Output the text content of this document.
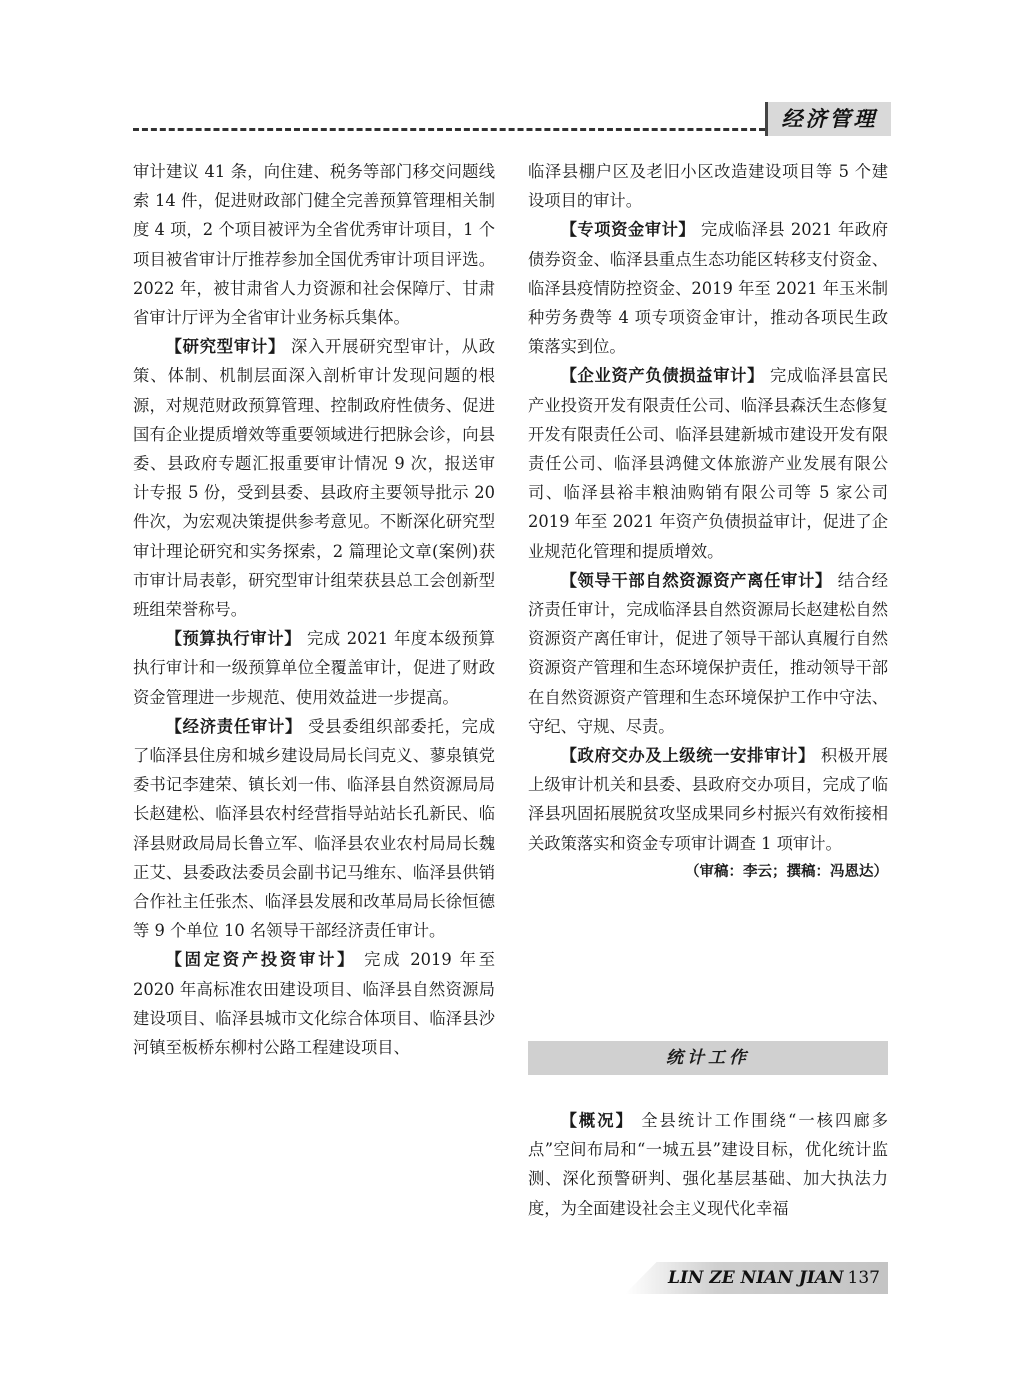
经济管理

审计建议 41 条，向住建、税务等部门移交问题线索 14 件，促进财政部门健全完善预算管理相关制度 4 项，2 个项目被评为全省优秀审计项目，1 个项目被省审计厅推荐参加全国优秀审计项目评选。2022 年，被甘肃省人力资源和社会保障厅、甘肃省审计厅评为全省审计业务标兵集体。

【研究型审计】 深入开展研究型审计，从政策、体制、机制层面深入剖析审计发现问题的根源，对规范财政预算管理、控制政府性债务、促进国有企业提质增效等重要领域进行把脉会诊，向县委、县政府专题汇报重要审计情况 9 次，报送审计专报 5 份，受到县委、县政府主要领导批示 20 件次，为宏观决策提供参考意见。不断深化研究型审计理论研究和实务探索，2 篇理论文章(案例)获市审计局表彰，研究型审计组荣获县总工会创新型班组荣誉称号。

【预算执行审计】 完成 2021 年度本级预算执行审计和一级预算单位全覆盖审计，促进了财政资金管理进一步规范、使用效益进一步提高。

【经济责任审计】 受县委组织部委托，完成了临泽县住房和城乡建设局局长闫克义、蓼泉镇党委书记李建荣、镇长刘一伟、临泽县自然资源局局长赵建松、临泽县农村经营指导站站长孔新民、临泽县财政局局长鲁立军、临泽县农业农村局局长魏正艾、县委政法委员会副书记马维东、临泽县供销合作社主任张杰、临泽县发展和改革局局长徐恒德等 9 个单位 10 名领导干部经济责任审计。

【固定资产投资审计】 完成 2019 年至 2020 年高标准农田建设项目、临泽县自然资源局建设项目、临泽县城市文化综合体项目、临泽县沙河镇至板桥东柳村公路工程建设项目、

临泽县棚户区及老旧小区改造建设项目等 5 个建设项目的审计。

【专项资金审计】 完成临泽县 2021 年政府债券资金、临泽县重点生态功能区转移支付资金、临泽县疫情防控资金、2019 年至 2021 年玉米制种劳务费等 4 项专项资金审计，推动各项民生政策落实到位。

【企业资产负债损益审计】 完成临泽县富民产业投资开发有限责任公司、临泽县森沃生态修复开发有限责任公司、临泽县建新城市建设开发有限责任公司、临泽县鸿健文体旅游产业发展有限公司、临泽县裕丰粮油购销有限公司等 5 家公司 2019 年至 2021 年资产负债损益审计，促进了企业规范化管理和提质增效。

【领导干部自然资源资产离任审计】 结合经济责任审计，完成临泽县自然资源局长赵建松自然资源资产离任审计，促进了领导干部认真履行自然资源资产管理和生态环境保护责任，推动领导干部在自然资源资产管理和生态环境保护工作中守法、守纪、守规、尽责。

【政府交办及上级统一安排审计】 积极开展上级审计机关和县委、县政府交办项目，完成了临泽县巩固拓展脱贫攻坚成果同乡村振兴有效衔接相关政策落实和资金专项审计调查 1 项审计。

（审稿：李云；撰稿：冯恩达）

统计工作

【概况】 全县统计工作围绕“一核四廊多点”空间布局和“一城五县”建设目标，优化统计监测、深化预警研判、强化基层基础、加大执法力度，为全面建设社会主义现代化幸福

LIN ZE NIAN JIAN 137
